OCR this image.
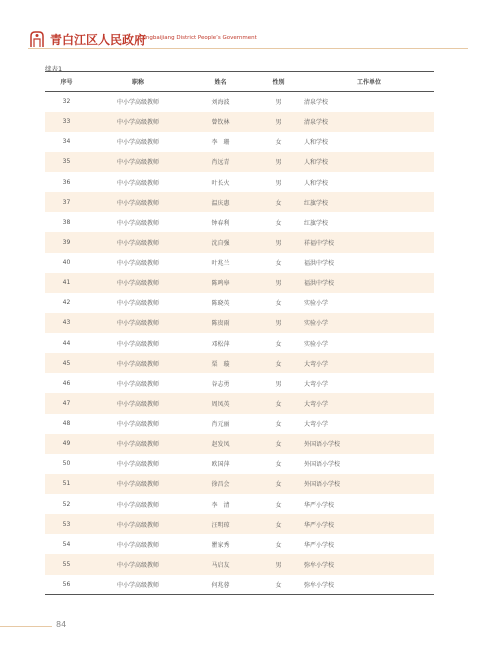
青白江区人民政府
Qingbaijiang District People’s Government
续表1
序号	职称	姓名	性别	工作单位
32	中小学高级教师	刘海波	男	清泉学校
33	中小学高级教师	曾钦林	男	清泉学校
34	中小学高级教师	李　珊	女	人和学校
35	中小学高级教师	肖远青	男	人和学校
36	中小学高级教师	叶长火	男	人和学校
37	中小学高级教师	温庆惠	女	红旗学校
38	中小学高级教师	钟春利	女	红旗学校
39	中小学高级教师	沈自强	男	祥福中学校
40	中小学高级教师	叶兆兰	女	福洪中学校
41	中小学高级教师	陈鸣皋	男	福洪中学校
42	中小学高级教师	陈晓英	女	实验小学
43	中小学高级教师	陈贵雨	男	实验小学
44	中小学高级教师	邓松萍	女	实验小学
45	中小学高级教师	栗　璇	女	大弯小学
46	中小学高级教师	谷志勇	男	大弯小学
47	中小学高级教师	周凤英	女	大弯小学
48	中小学高级教师	肖元丽	女	大弯小学
49	中小学高级教师	赵发凤	女	外国语小学校
50	中小学高级教师	欧国萍	女	外国语小学校
51	中小学高级教师	徐昌会	女	外国语小学校
52	中小学高级教师	李　清	女	华严小学校
53	中小学高级教师	汪明琼	女	华严小学校
54	中小学高级教师	瞿家秀	女	华严小学校
55	中小学高级教师	马启友	男	弥牟小学校
56	中小学高级教师	何兆蓉	女	弥牟小学校
84
